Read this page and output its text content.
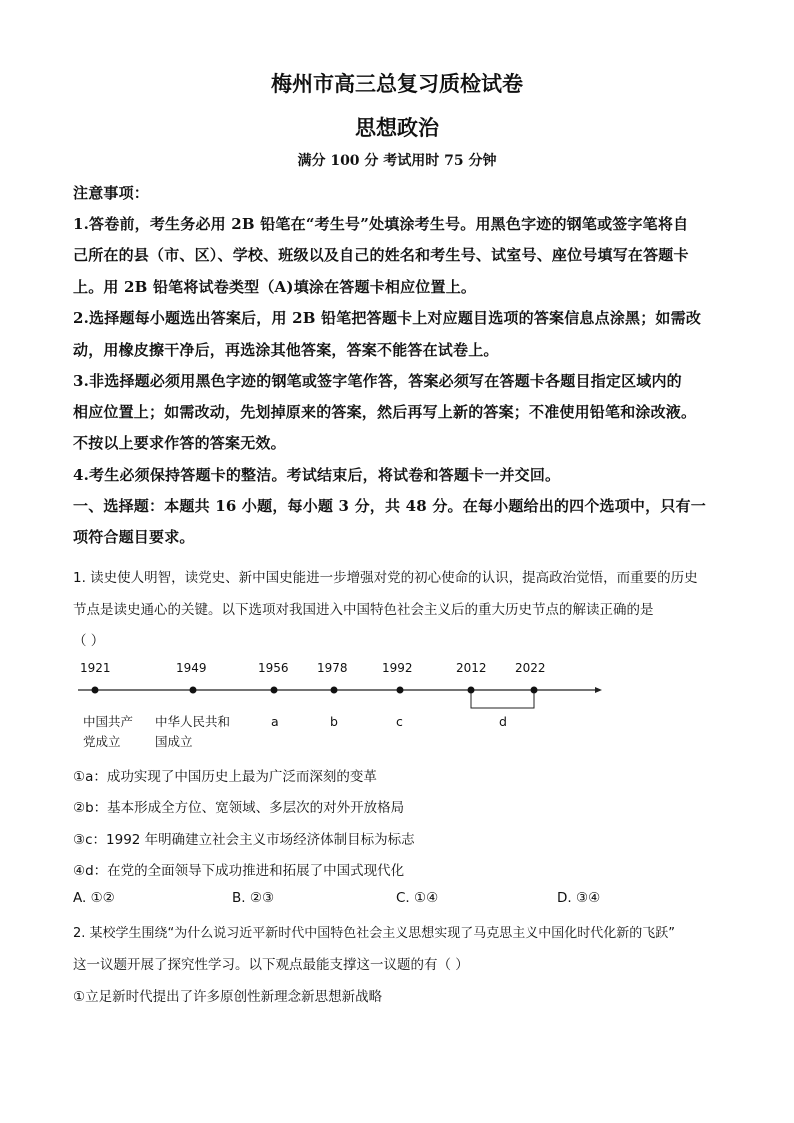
梅州市高三总复习质检试卷
思想政治
满分 100 分 考试用时 75 分钟
注意事项：
1.答卷前，考生务必用 2B 铅笔在“考生号”处填涂考生号。用黑色字迹的钢笔或签字笔将自
己所在的县（市、区）、学校、班级以及自己的姓名和考生号、试室号、座位号填写在答题卡
上。用 2B 铅笔将试卷类型（A)填涂在答题卡相应位置上。
2.选择题每小题选出答案后，用 2B 铅笔把答题卡上对应题目选项的答案信息点涂黑；如需改
动，用橡皮擦干净后，再选涂其他答案，答案不能答在试卷上。
3.非选择题必须用黑色字迹的钢笔或签字笔作答，答案必须写在答题卡各题目指定区域内的
相应位置上；如需改动，先划掉原来的答案，然后再写上新的答案；不准使用铅笔和涂改液。
不按以上要求作答的答案无效。
4.考生必须保持答题卡的整洁。考试结束后，将试卷和答题卡一并交回。
一、选择题：本题共 16 小题，每小题 3 分，共 48 分。在每小题给出的四个选项中，只有一
项符合题目要求。
1. 读史使人明智，读党史、新中国史能进一步增强对党的初心使命的认识，提高政治觉悟，而重要的历史
节点是读史通心的关键。以下选项对我国进入中国特色社会主义后的重大历史节点的解读正确的是
（ ）
1921	1949	1956 1978	1992	2012 2022
中国共产党成立
中华人民共和国成立
a	b	c	d
①a：成功实现了中国历史上最为广泛而深刻的变革
②b：基本形成全方位、宽领域、多层次的对外开放格局
③c：1992 年明确建立社会主义市场经济体制目标为标志
④d：在党的全面领导下成功推进和拓展了中国式现代化
A. ①②	B. ②③	C. ①④	D. ③④
2. 某校学生围绕“为什么说习近平新时代中国特色社会主义思想实现了马克思主义中国化时代化新的飞跃”
这一议题开展了探究性学习。以下观点最能支撑这一议题的有（ ）
①立足新时代提出了许多原创性新理念新思想新战略
